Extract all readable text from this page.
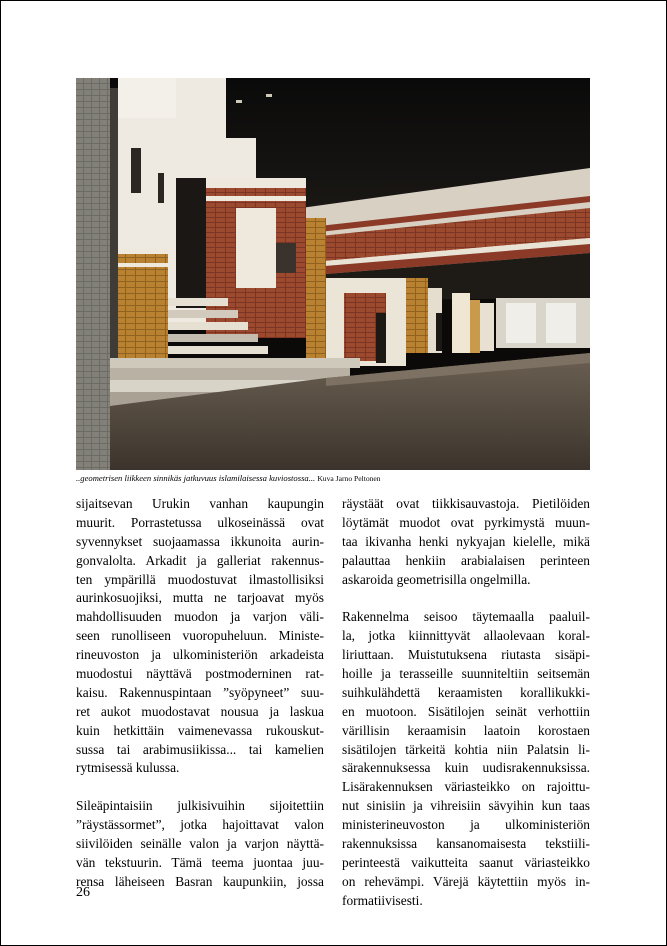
..geometrisen liikkeen sinnikäs jatkuvuus islamilaisessa kuviostossa... Kuva Jarno Peltonen
sijaitsevan Urukin vanhan kaupungin
muurit. Porrastetussa ulkoseinässä ovat
syvennykset suojaamassa ikkunoita aurin-
gonvalolta. Arkadit ja galleriat rakennus-
ten ympärillä muodostuvat ilmastollisiksi
aurinkosuojiksi, mutta ne tarjoavat myös
mahdollisuuden muodon ja varjon väli-
seen runolliseen vuoropuheluun. Ministe-
rineuvoston ja ulkoministeriön arkadeista
muodostui näyttävä postmoderninen rat-
kaisu. Rakennuspintaan ”syöpyneet” suu-
ret aukot muodostavat nousua ja laskua
kuin hetkittäin vaimenevassa rukouskut-
sussa tai arabimusiikissa... tai kamelien
rytmisessä kulussa.
Sileäpintaisiin julkisivuihin sijoitettiin
”räystässormet”, jotka hajoittavat valon
siivilöiden seinälle valon ja varjon näyttä-
vän tekstuurin. Tämä teema juontaa juu-
rensa läheiseen Basran kaupunkiin, jossa
räystäät ovat tiikkisauvastoja. Pietilöiden
löytämät muodot ovat pyrkimystä muun-
taa ikivanha henki nykyajan kielelle, mikä
palauttaa henkiin arabialaisen perinteen
askaroida geometrisilla ongelmilla.
Rakennelma seisoo täytemaalla paaluil-
la, jotka kiinnittyvät allaolevaan koral-
liriuttaan. Muistutuksena riutasta sisäpi-
hoille ja terasseille suunniteltiin seitsemän
suihkulähdettä keraamisten korallikukki-
en muotoon. Sisätilojen seinät verhottiin
värillisin keraamisin laatoin korostaen
sisätilojen tärkeitä kohtia niin Palatsin li-
särakennuksessa kuin uudisrakennuksissa.
Lisärakennuksen väriasteikko on rajoittu-
nut sinisiin ja vihreisiin sävyihin kun taas
ministerineuvoston ja ulkoministeriön
rakennuksissa kansanomaisesta tekstiili-
perinteestä vaikutteita saanut väriasteikko
on rehevämpi. Värejä käytettiin myös in-
formatiivisesti.
26
